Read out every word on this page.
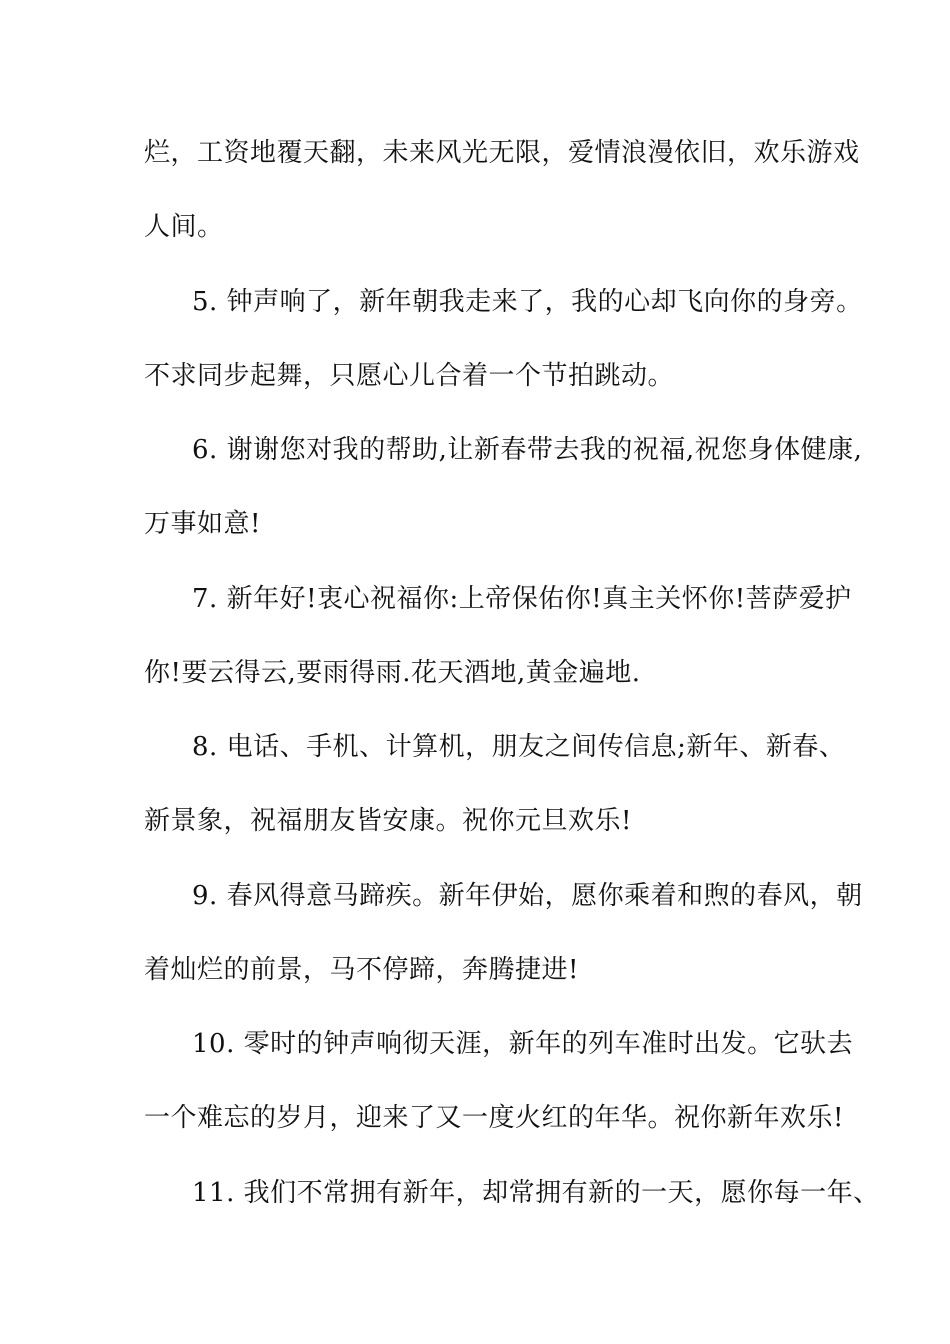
烂，工资地覆天翻，未来风光无限，爱情浪漫依旧，欢乐游戏

人间。

5. 钟声响了，新年朝我走来了，我的心却飞向你的身旁。

不求同步起舞，只愿心儿合着一个节拍跳动。

6. 谢谢您对我的帮助,让新春带去我的祝福,祝您身体健康,

万事如意!

7. 新年好!衷心祝福你:上帝保佑你!真主关怀你!菩萨爱护

你!要云得云,要雨得雨.花天酒地,黄金遍地.

8. 电话、手机、计算机，朋友之间传信息;新年、新春、

新景象，祝福朋友皆安康。祝你元旦欢乐!

9. 春风得意马蹄疾。新年伊始，愿你乘着和煦的春风，朝

着灿烂的前景，马不停蹄，奔腾捷进!

10. 零时的钟声响彻天涯，新年的列车准时出发。它驮去

一个难忘的岁月，迎来了又一度火红的年华。祝你新年欢乐!

11. 我们不常拥有新年，却常拥有新的一天，愿你每一年、
